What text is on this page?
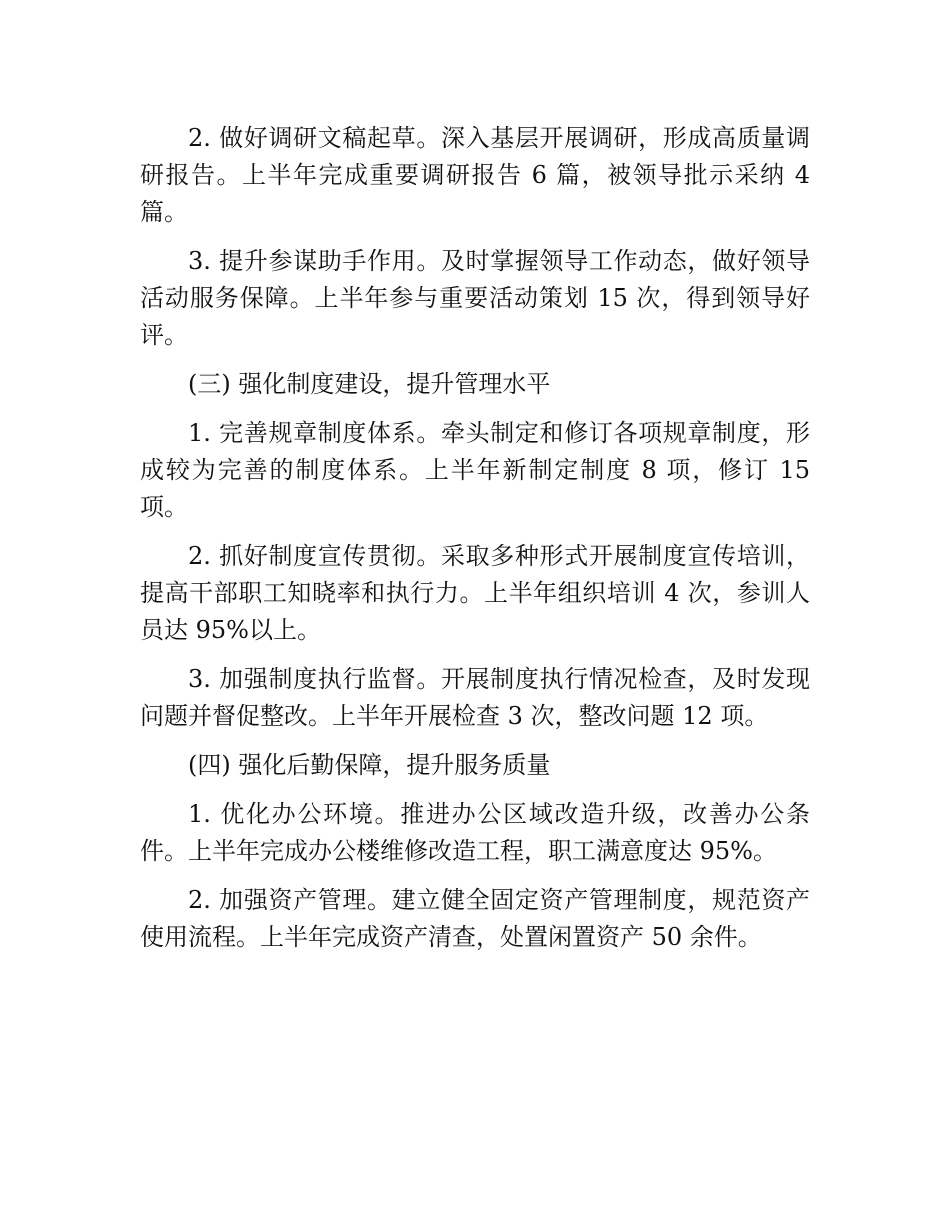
2. 做好调研文稿起草。深入基层开展调研，形成高质量调研报告。上半年完成重要调研报告 6 篇，被领导批示采纳 4 篇。

3. 提升参谋助手作用。及时掌握领导工作动态，做好领导活动服务保障。上半年参与重要活动策划 15 次，得到领导好评。

(三) 强化制度建设，提升管理水平

1. 完善规章制度体系。牵头制定和修订各项规章制度，形成较为完善的制度体系。上半年新制定制度 8 项，修订 15 项。

2. 抓好制度宣传贯彻。采取多种形式开展制度宣传培训，提高干部职工知晓率和执行力。上半年组织培训 4 次，参训人员达 95%以上。

3. 加强制度执行监督。开展制度执行情况检查，及时发现问题并督促整改。上半年开展检查 3 次，整改问题 12 项。

(四) 强化后勤保障，提升服务质量

1. 优化办公环境。推进办公区域改造升级，改善办公条件。上半年完成办公楼维修改造工程，职工满意度达 95%。

2. 加强资产管理。建立健全固定资产管理制度，规范资产使用流程。上半年完成资产清查，处置闲置资产 50 余件。
